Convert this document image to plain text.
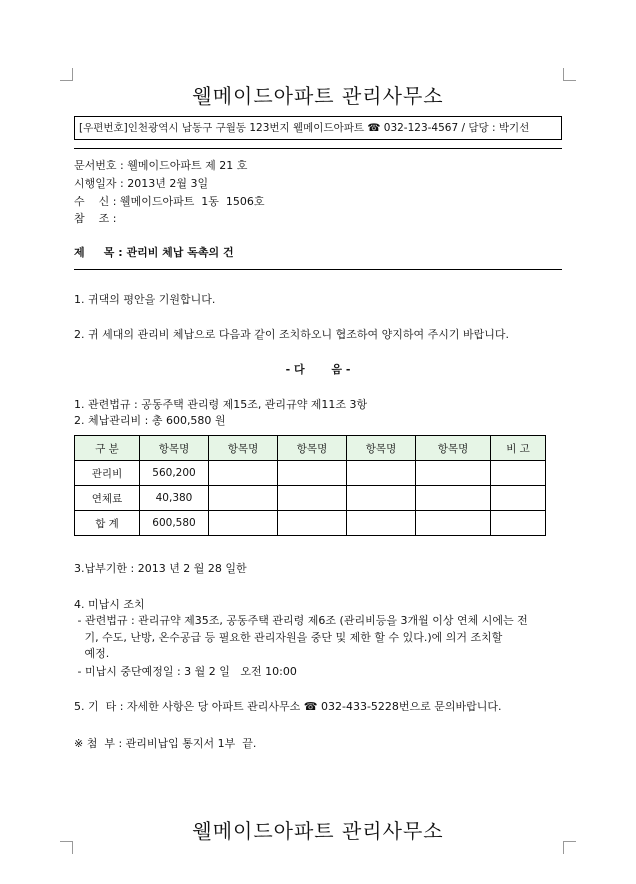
웰메이드아파트 관리사무소
[우편번호]인천광역시 남동구 구월동 123번지 웰메이드아파트 ☎ 032-123-4567 / 담당 : 박기선
문서번호 : 웰메이드아파트 제 21 호
시행일자 : 2013년 2월 3일
수    신 : 웰메이드아파트  1동  1506호
참    조 :
제     목 : 관리비 체납 독촉의 건
1. 귀댁의 평안을 기원합니다.
2. 귀 세대의 관리비 체납으로 다음과 같이 조치하오니 협조하여 양지하여 주시기 바랍니다.
- 다       음 -
1. 관련법규 : 공동주택 관리령 제15조, 관리규약 제11조 3항
2. 체납관리비 : 총 600,580 원
구 분	항목명	항목명	항목명	항목명	항목명	비 고
관리비	560,200					
연체료	40,380					
합 계	600,580					
3.납부기한 : 2013 년 2 월 28 일한
4. 미납시 조치
- 관련법규 : 관리규약 제35조, 공동주택 관리령 제6조 (관리비등을 3개월 이상 연체 시에는 전
기, 수도, 난방, 온수공급 등 필요한 관리자원을 중단 및 제한 할 수 있다.)에 의거 조치할
예정.
- 미납시 중단예정일 : 3 월 2 일   오전 10:00
5. 기  타 : 자세한 사항은 당 아파트 관리사무소 ☎ 032-433-5228번으로 문의바랍니다.
※ 첨  부 : 관리비납입 통지서 1부  끝.
웰메이드아파트 관리사무소
